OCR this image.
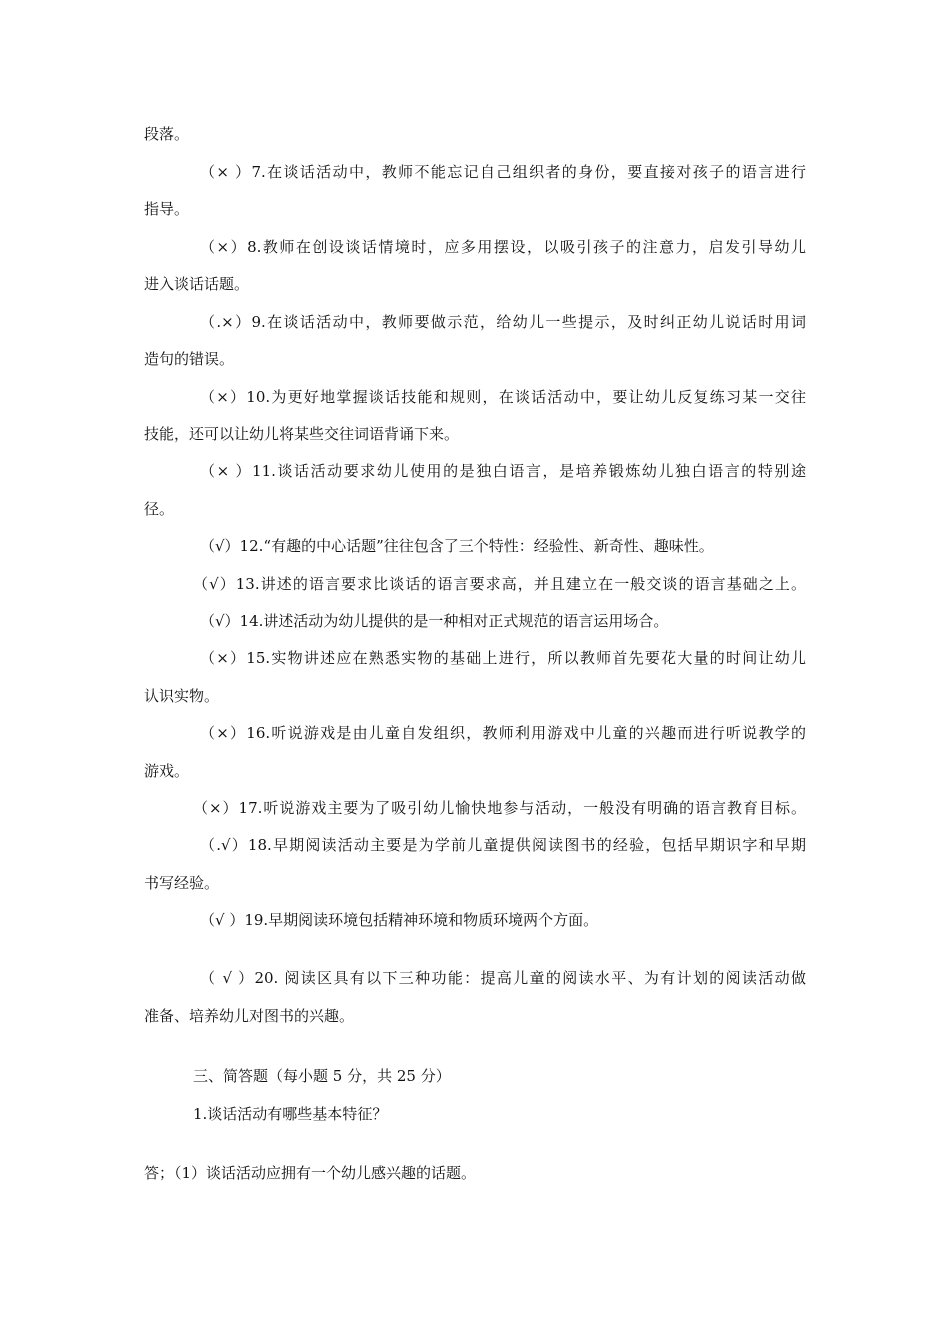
段落。
（× ）7.在谈话活动中，教师不能忘记自己组织者的身份，要直接对孩子的语言进行
指导。
（×）8.教师在创设谈话情境时，应多用摆设，以吸引孩子的注意力，启发引导幼儿
进入谈话话题。
（.×）9.在谈话活动中，教师要做示范，给幼儿一些提示，及时纠正幼儿说话时用词
造句的错误。
（×）10.为更好地掌握谈话技能和规则，在谈话活动中，要让幼儿反复练习某一交往
技能，还可以让幼儿将某些交往词语背诵下来。
（× ）11.谈话活动要求幼儿使用的是独白语言，是培养锻炼幼儿独白语言的特别途
径。
（√）12.“有趣的中心话题”往往包含了三个特性：经验性、新奇性、趣味性。
（√）13.讲述的语言要求比谈话的语言要求高，并且建立在一般交谈的语言基础之上。
（√）14.讲述活动为幼儿提供的是一种相对正式规范的语言运用场合。
（×）15.实物讲述应在熟悉实物的基础上进行，所以教师首先要花大量的时间让幼儿
认识实物。
（×）16.听说游戏是由儿童自发组织，教师利用游戏中儿童的兴趣而进行听说教学的
游戏。
（×）17.听说游戏主要为了吸引幼儿愉快地参与活动，一般没有明确的语言教育目标。
（.√）18.早期阅读活动主要是为学前儿童提供阅读图书的经验，包括早期识字和早期
书写经验。
（√ ）19.早期阅读环境包括精神环境和物质环境两个方面。
（ √ ）20. 阅读区具有以下三种功能：提高儿童的阅读水平、为有计划的阅读活动做
准备、培养幼儿对图书的兴趣。
三、简答题（每小题 5 分，共 25 分）
1.谈话活动有哪些基本特征？
答；（1）谈话活动应拥有一个幼儿感兴趣的话题。
